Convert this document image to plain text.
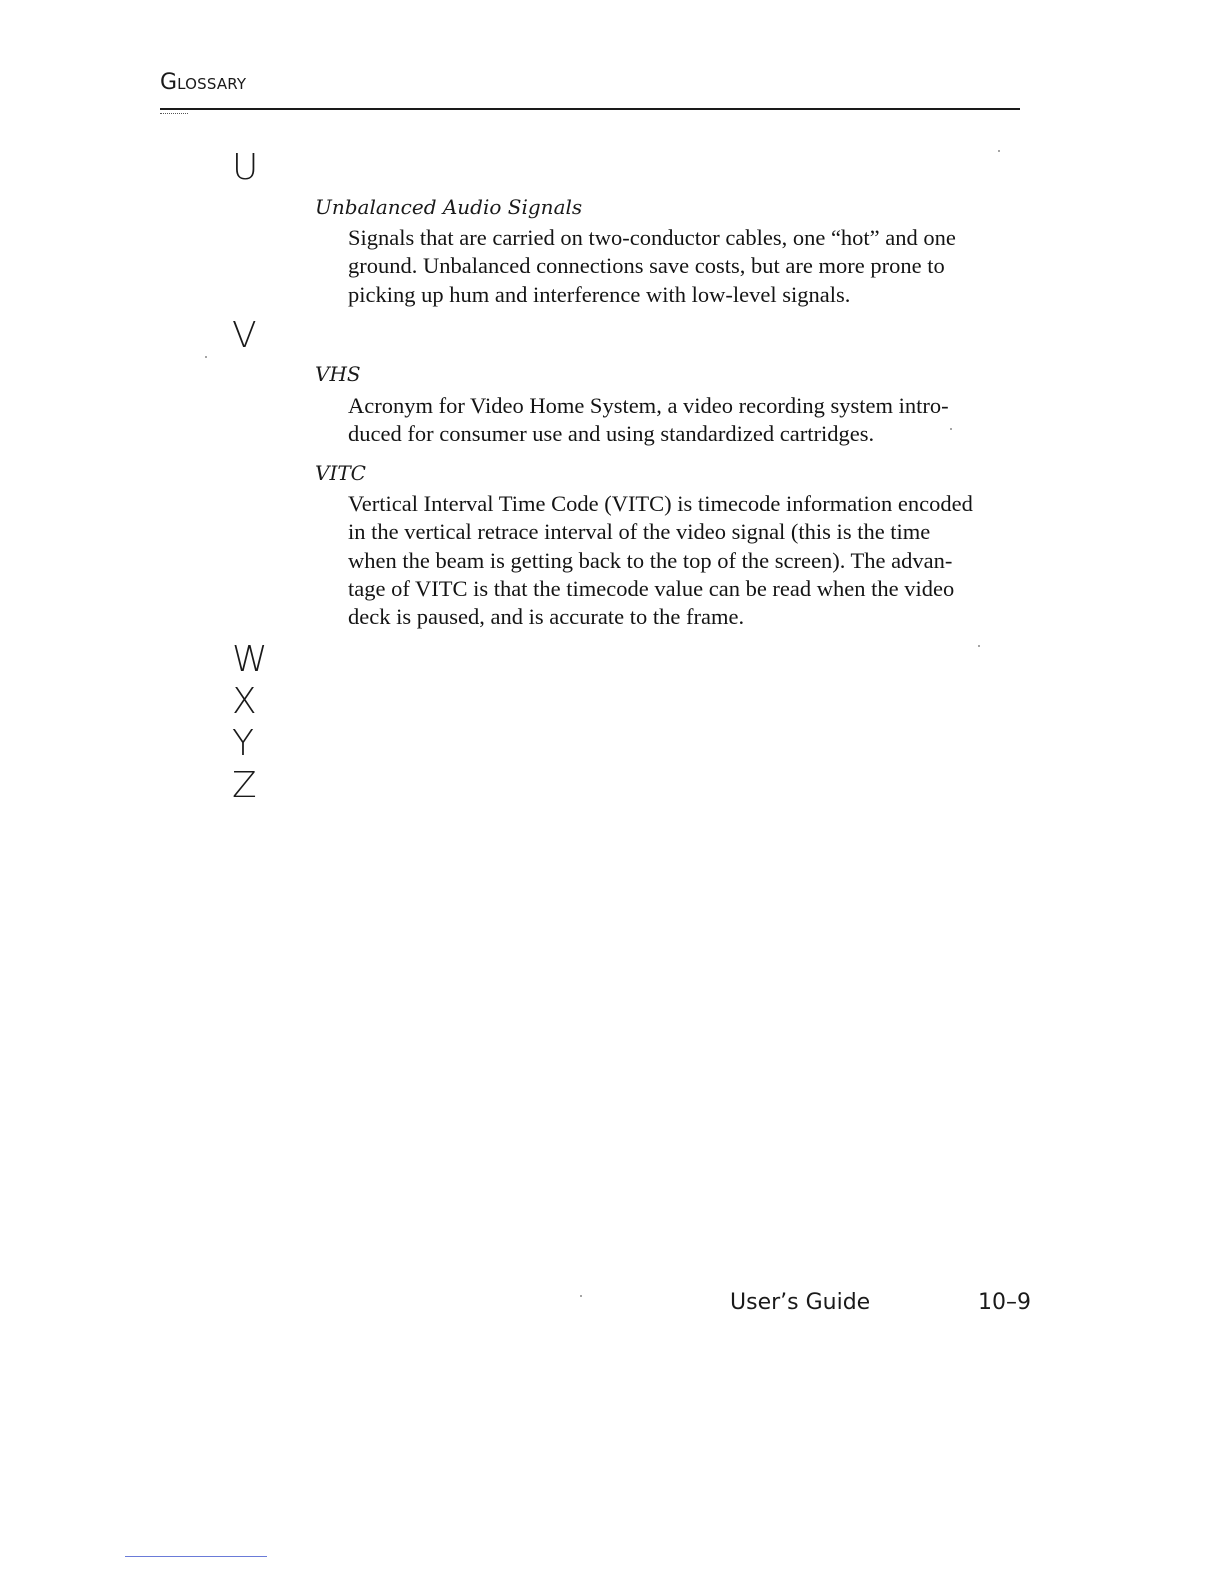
GLOSSARY
U
Unbalanced Audio Signals
Signals that are carried on two-conductor cables, one “hot” and one
ground. Unbalanced connections save costs, but are more prone to
picking up hum and interference with low-level signals.
V
VHS
Acronym for Video Home System, a video recording system intro-
duced for consumer use and using standardized cartridges.
VITC
Vertical Interval Time Code (VITC) is timecode information encoded
in the vertical retrace interval of the video signal (this is the time
when the beam is getting back to the top of the screen). The advan-
tage of VITC is that the timecode value can be read when the video
deck is paused, and is accurate to the frame.
W
X
Y
Z
User’s Guide	10–9
